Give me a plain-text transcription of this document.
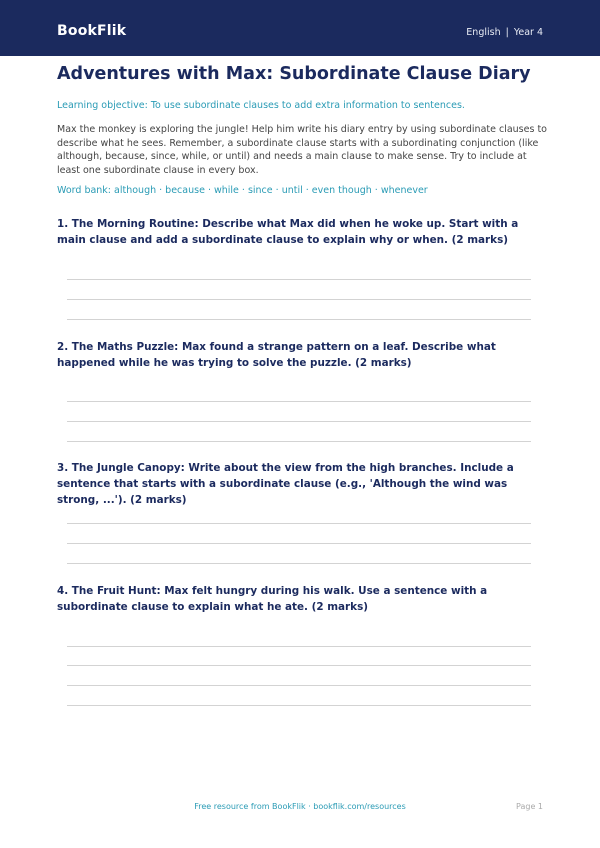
BookFlik	English | Year 4
Adventures with Max: Subordinate Clause Diary
Learning objective: To use subordinate clauses to add extra information to sentences.
Max the monkey is exploring the jungle! Help him write his diary entry by using subordinate clauses to describe what he sees. Remember, a subordinate clause starts with a subordinating conjunction (like although, because, since, while, or until) and needs a main clause to make sense. Try to include at least one subordinate clause in every box.
Word bank: although · because · while · since · until · even though · whenever
1. The Morning Routine: Describe what Max did when he woke up. Start with a main clause and add a subordinate clause to explain why or when. (2 marks)
2. The Maths Puzzle: Max found a strange pattern on a leaf. Describe what happened while he was trying to solve the puzzle. (2 marks)
3. The Jungle Canopy: Write about the view from the high branches. Include a sentence that starts with a subordinate clause (e.g., 'Although the wind was strong, ...'). (2 marks)
4. The Fruit Hunt: Max felt hungry during his walk. Use a sentence with a subordinate clause to explain what he ate. (2 marks)
Free resource from BookFlik · bookflik.com/resources	Page 1
